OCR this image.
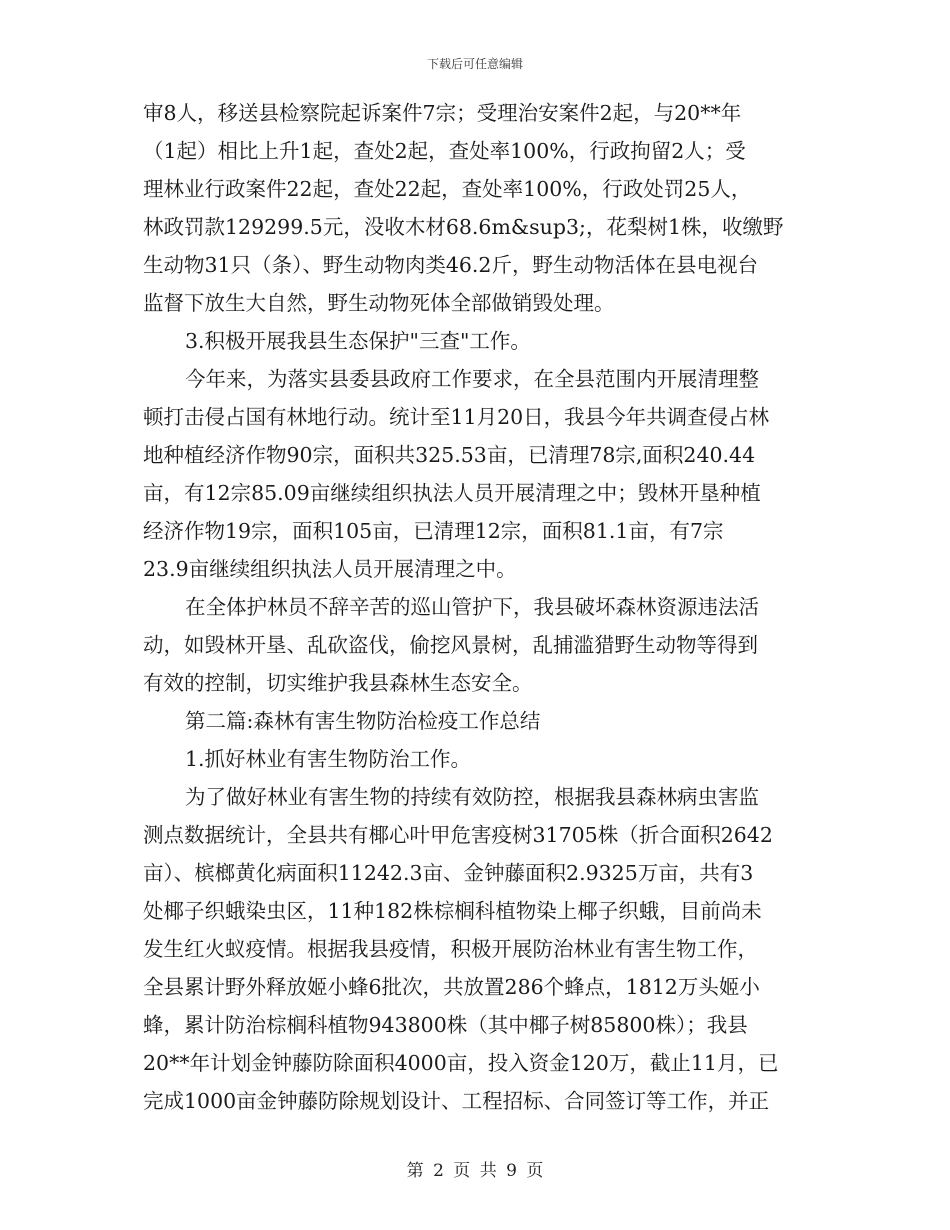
下载后可任意编辑
审8人，移送县检察院起诉案件7宗；受理治安案件2起，与20**年
（1起）相比上升1起，查处2起，查处率100%，行政拘留2人；受
理林业行政案件22起，查处22起，查处率100%，行政处罚25人，
林政罚款129299.5元，没收木材68.6m&sup3;，花梨树1株，收缴野
生动物31只（条）、野生动物肉类46.2斤，野生动物活体在县电视台
监督下放生大自然，野生动物死体全部做销毁处理。
3.积极开展我县生态保护"三查"工作。
今年来，为落实县委县政府工作要求，在全县范围内开展清理整
顿打击侵占国有林地行动。统计至11月20日，我县今年共调查侵占林
地种植经济作物90宗，面积共325.53亩，已清理78宗,面积240.44
亩，有12宗85.09亩继续组织执法人员开展清理之中；毁林开垦种植
经济作物19宗，面积105亩，已清理12宗，面积81.1亩，有7宗
23.9亩继续组织执法人员开展清理之中。
在全体护林员不辞辛苦的巡山管护下，我县破坏森林资源违法活
动，如毁林开垦、乱砍盗伐，偷挖风景树，乱捕滥猎野生动物等得到
有效的控制，切实维护我县森林生态安全。
第二篇:森林有害生物防治检疫工作总结
1.抓好林业有害生物防治工作。
为了做好林业有害生物的持续有效防控，根据我县森林病虫害监
测点数据统计，全县共有椰心叶甲危害疫树31705株（折合面积2642
亩）、槟榔黄化病面积11242.3亩、金钟藤面积2.9325万亩，共有3
处椰子织蛾染虫区，11种182株棕榈科植物染上椰子织蛾，目前尚未
发生红火蚁疫情。根据我县疫情，积极开展防治林业有害生物工作，
全县累计野外释放姬小蜂6批次，共放置286个蜂点，1812万头姬小
蜂，累计防治棕榈科植物943800株（其中椰子树85800株）；我县
20**年计划金钟藤防除面积4000亩，投入资金120万，截止11月，已
完成1000亩金钟藤防除规划设计、工程招标、合同签订等工作，并正
第 2 页 共 9 页
